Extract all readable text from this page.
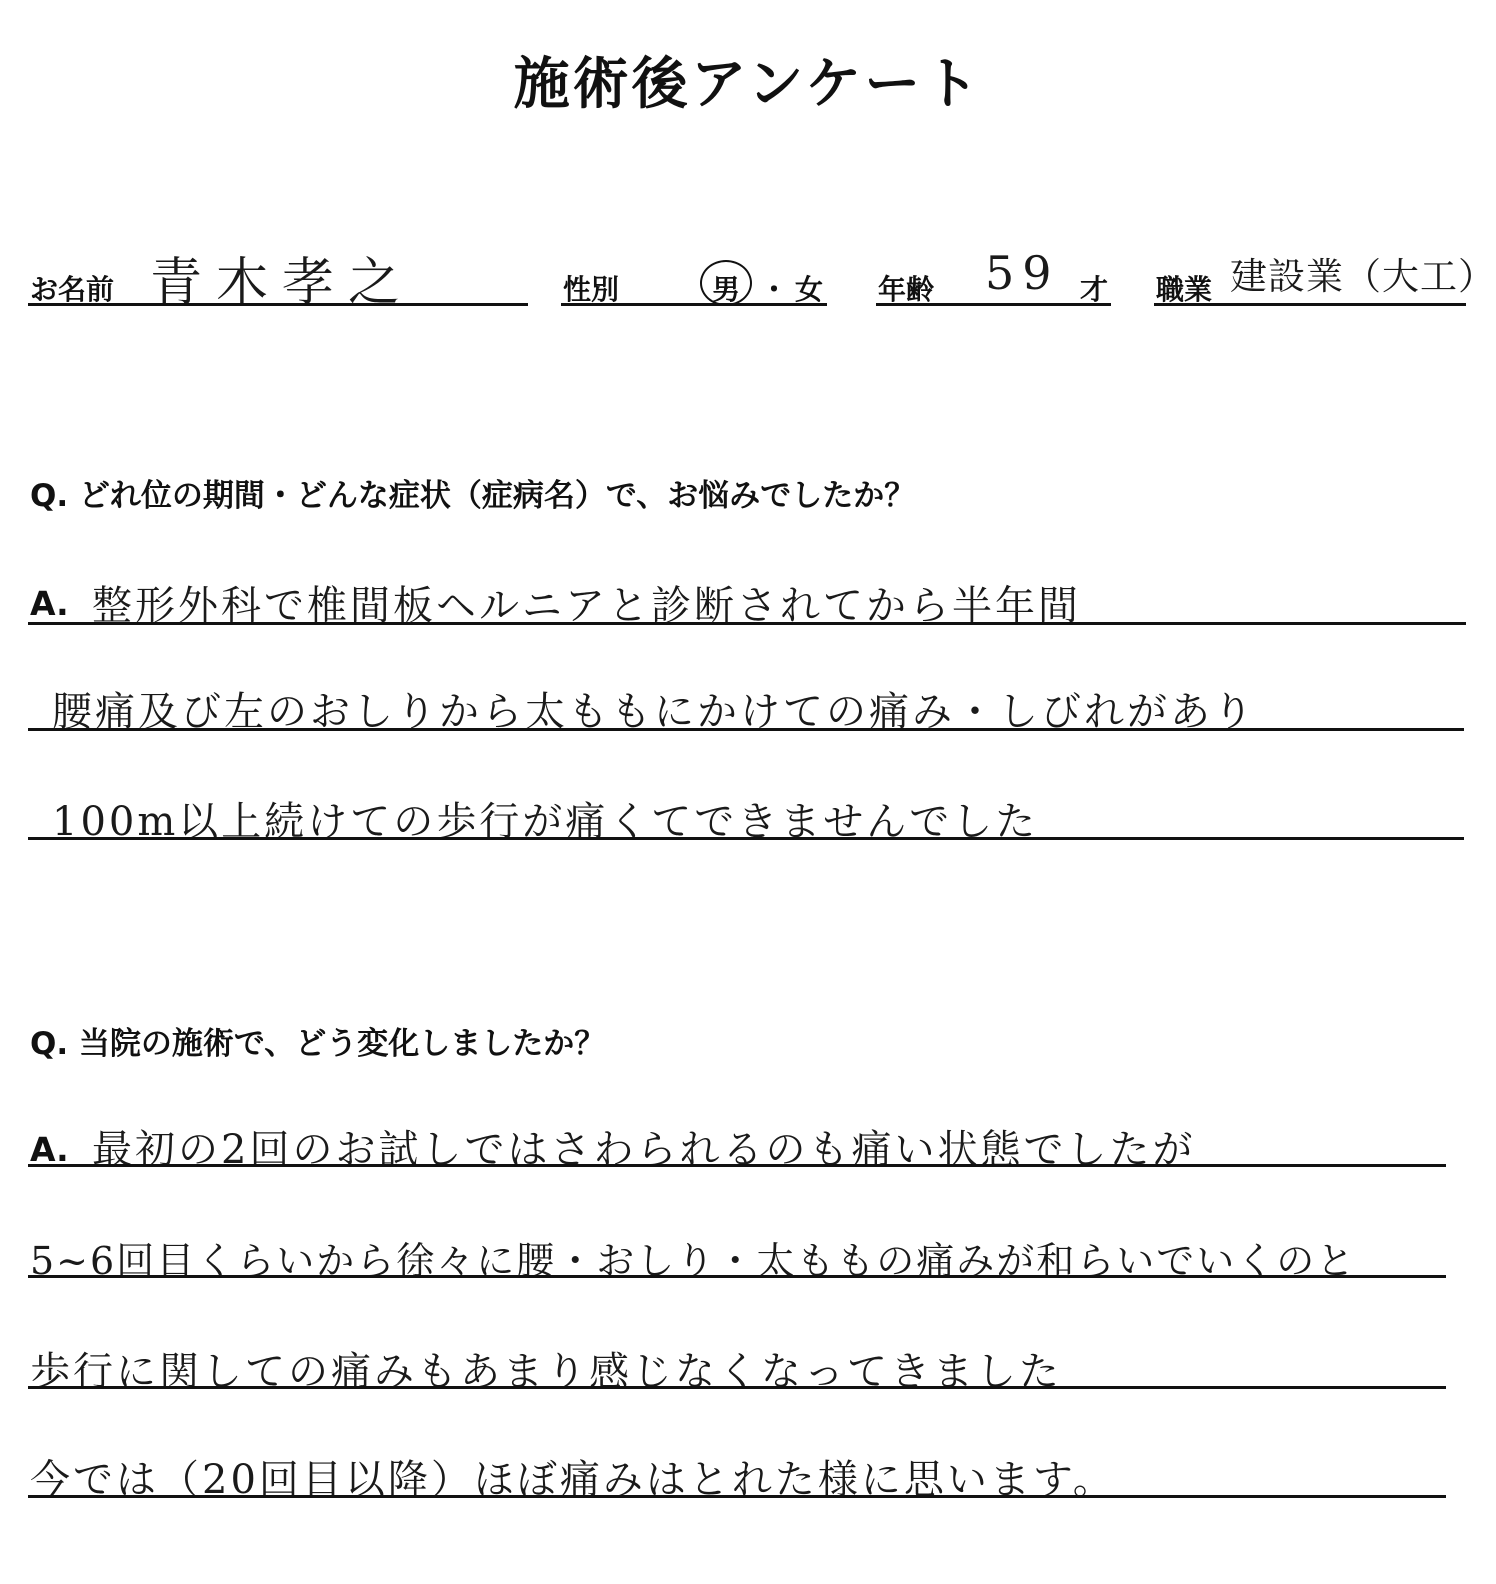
施術後アンケート
お名前 青木孝之	性別	男 ・ 女 年齢 59 才 職業 建設業（大工）
Q. どれ位の期間・どんな症状（症病名）で、お悩みでしたか？
A. 整形外科で椎間板ヘルニアと診断されてから半年間
腰痛及び左のおしりから太ももにかけての痛み・しびれがあり
100m以上続けての歩行が痛くてできませんでした
Q. 当院の施術で、どう変化しましたか？
A. 最初の2回のお試しではさわられるのも痛い状態でしたが
5~6回目くらいから徐々に腰・おしり・太ももの痛みが和らいでいくのと
歩行に関しての痛みもあまり感じなくなってきました
今では（20回目以降）ほぼ痛みはとれた様に思います。
